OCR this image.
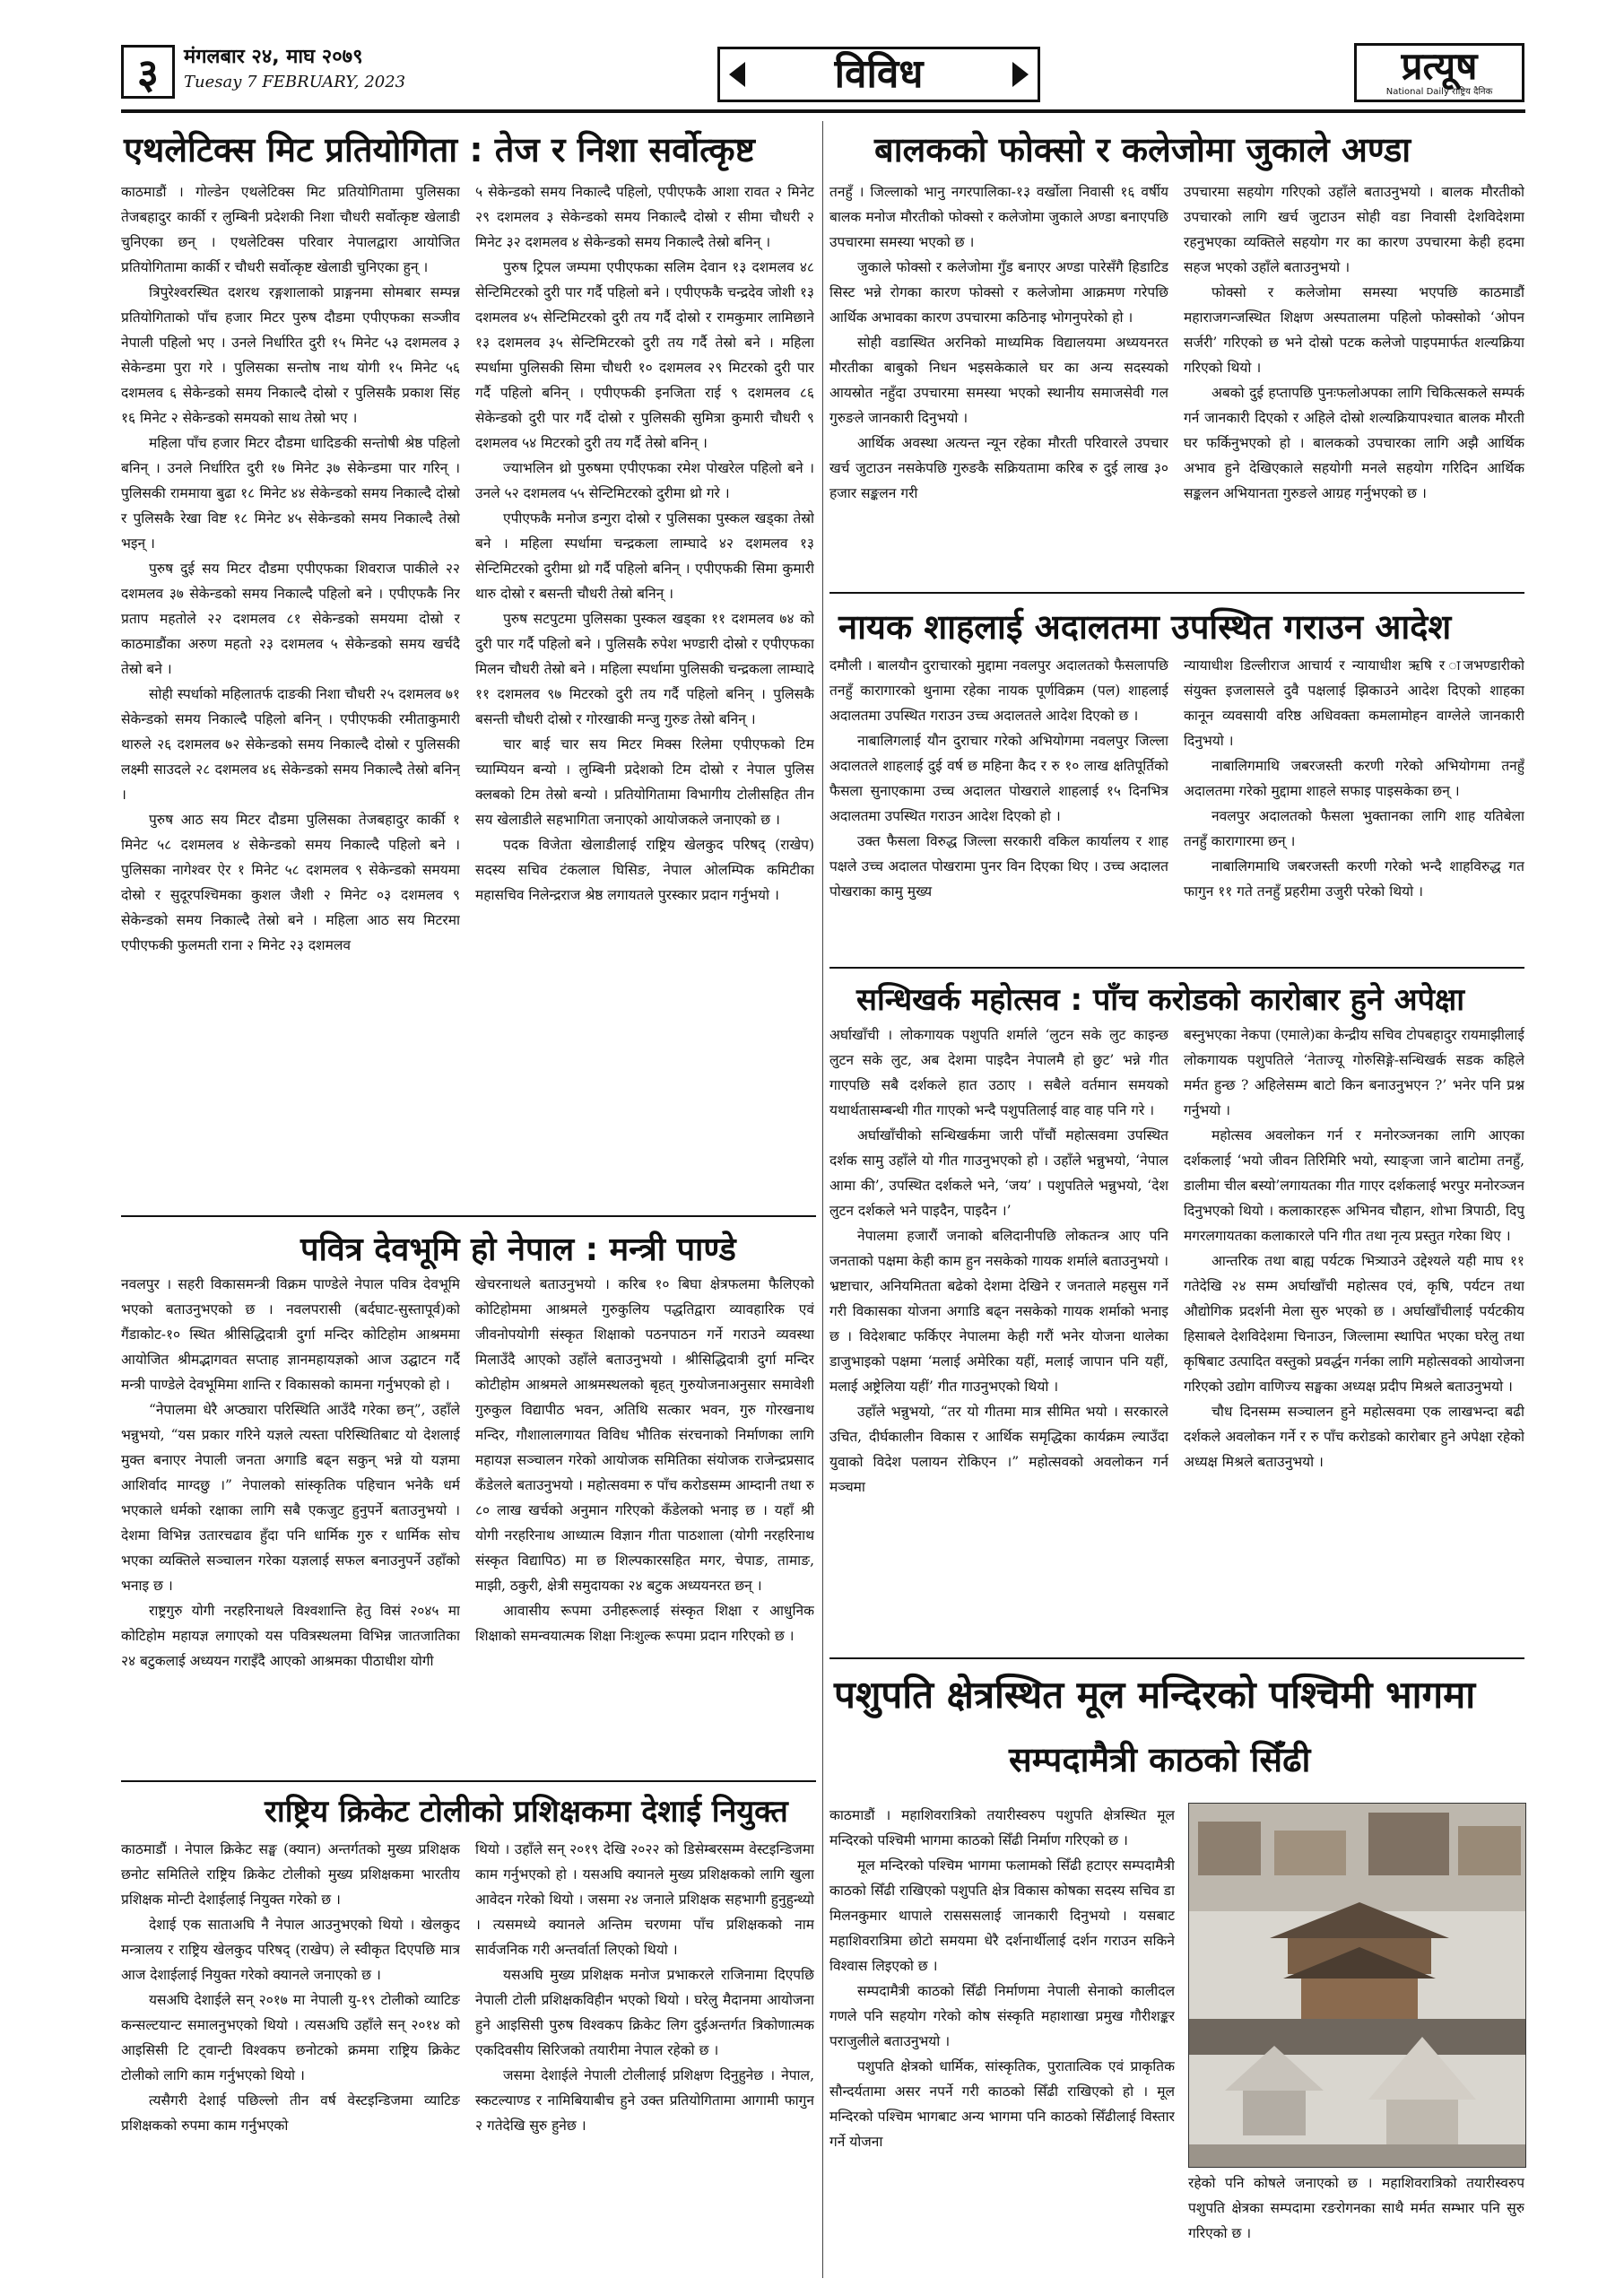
३	मंगलबार २४, माघ २०७९
Tuesay 7 FEBRUARY, 2023	विविध	प्रत्यूष
National Daily राष्ट्रिय दैनिक
एथलेटिक्स मिट प्रतियोगिता : तेज र निशा सर्वोत्कृष्ट	बालकको फोक्सो र कलेजोमा जुकाले अण्डा
नायक शाहलाई अदालतमा उपस्थित गराउन आदेश
सन्धिखर्क महोत्सव : पाँच करोडको कारोबार हुने अपेक्षा
पवित्र देवभूमि हो नेपाल : मन्त्री पाण्डे
राष्ट्रिय क्रिकेट टोलीको प्रशिक्षकमा देशाई नियुक्त
पशुपति क्षेत्रस्थित मूल मन्दिरको पश्चिमी भागमा
सम्पदामैत्री काठको सिँढी

काठमाडौं । गोल्डेन एथलेटिक्स मिट प्रतियोगितामा पुलिसका तेजबहादुर कार्की र लुम्बिनी प्रदेशकी निशा चौधरी सर्वोत्कृष्ट खेलाडी चुनिएका छन् । एथलेटिक्स परिवार नेपालद्वारा आयोजित प्रतियोगितामा कार्की र चौधरी सर्वोत्कृष्ट खेलाडी चुनिएका हुन् ।

त्रिपुरेश्वरस्थित दशरथ रङ्गशालाको प्राङ्गनमा सोमबार सम्पन्न प्रतियोगिताको पाँच हजार मिटर पुरुष दौडमा एपीएफका सञ्जीव नेपाली पहिलो भए । उनले निर्धारित दुरी १५ मिनेट ५३ दशमलव ३ सेकेन्डमा पुरा गरे । पुलिसका सन्तोष नाथ योगी १५ मिनेट ५६ दशमलव ६ सेकेन्डको समय निकाल्दै दोस्रो र पुलिसकै प्रकाश सिंह १६ मिनेट २ सेकेन्डको समयको साथ तेस्रो भए ।

महिला पाँच हजार मिटर दौडमा धादिङकी सन्तोषी श्रेष्ठ पहिलो बनिन् । उनले निर्धारित दुरी १७ मिनेट ३७ सेकेन्डमा पार गरिन् । पुलिसकी राममाया बुढा १८ मिनेट ४४ सेकेन्डको समय निकाल्दै दोस्रो र पुलिसकै रेखा विष्ट १८ मिनेट ४५ सेकेन्डको समय निकाल्दै तेस्रो भइन् ।

पुरुष दुई सय मिटर दौडमा एपीएफका शिवराज पाकीले २२ दशमलव ३७ सेकेन्डको समय निकाल्दै पहिलो बने । एपीएफकै निर प्रताप महतोले २२ दशमलव ८१ सेकेन्डको समयमा दोस्रो र काठमाडौंका अरुण महतो २३ दशमलव ५ सेकेन्डको समय खर्चदै तेस्रो बने ।

सोही स्पर्धाको महिलातर्फ दाङकी निशा चौधरी २५ दशमलव ७१ सेकेन्डको समय निकाल्दै पहिलो बनिन् । एपीएफकी रमीताकुमारी थारुले २६ दशमलव ७२ सेकेन्डको समय निकाल्दै दोस्रो र पुलिसकी लक्ष्मी साउदले २८ दशमलव ४६ सेकेन्डको समय निकाल्दै तेस्रो बनिन् ।

पुरुष आठ सय मिटर दौडमा पुलिसका तेजबहादुर कार्की १ मिनेट ५८ दशमलव ४ सेकेन्डको समय निकाल्दै पहिलो बने । पुलिसका नागेश्वर ऐर १ मिनेट ५८ दशमलव ९ सेकेन्डको समयमा दोस्रो र सुदूरपश्चिमका कुशल जैशी २ मिनेट ०३ दशमलव ९ सेकेन्डको समय निकाल्दै तेस्रो बने । महिला आठ सय मिटरमा एपीएफकी फुलमती राना २ मिनेट २३ दशमलव

५ सेकेन्डको समय निकाल्दै पहिलो, एपीएफकै आशा रावत २ मिनेट २९ दशमलव ३ सेकेन्डको समय निकाल्दै दोस्रो र सीमा चौधरी २ मिनेट ३२ दशमलव ४ सेकेन्डको समय निकाल्दै तेस्रो बनिन् ।

पुरुष ट्रिपल जम्पमा एपीएफका सलिम देवान १३ दशमलव ४८ सेन्टिमिटरको दुरी पार गर्दै पहिलो बने । एपीएफकै चन्द्रदेव जोशी १३ दशमलव ४५ सेन्टिमिटरको दुरी तय गर्दै दोस्रो र रामकुमार लामिछाने १३ दशमलव ३५ सेन्टिमिटरको दुरी तय गर्दै तेस्रो बने । महिला स्पर्धामा पुलिसकी सिमा चौधरी १० दशमलव २९ मिटरको दुरी पार गर्दै पहिलो बनिन् । एपीएफकी इनजिता राई ९ दशमलव ८६ सेकेन्डको दुरी पार गर्दै दोस्रो र पुलिसकी सुमित्रा कुमारी चौधरी ९ दशमलव ५४ मिटरको दुरी तय गर्दै तेस्रो बनिन् ।

ज्याभलिन थ्रो पुरुषमा एपीएफका रमेश पोखरेल पहिलो बने । उनले ५२ दशमलव ५५ सेन्टिमिटरको दुरीमा थ्रो गरे ।

एपीएफकै मनोज डन्गुरा दोस्रो र पुलिसका पुस्कल खड्का तेस्रो बने । महिला स्पर्धामा चन्द्रकला लाम्घादे ४२ दशमलव १३ सेन्टिमिटरको दुरीमा थ्रो गर्दै पहिलो बनिन् । एपीएफकी सिमा कुमारी थारु दोस्रो र बसन्ती चौधरी तेस्रो बनिन् ।

पुरुष सटपुटमा पुलिसका पुस्कल खड्का ११ दशमलव ७४ को दुरी पार गर्दै पहिलो बने । पुलिसकै रुपेश भण्डारी दोस्रो र एपीएफका मिलन चौधरी तेस्रो बने । महिला स्पर्धामा पुलिसकी चन्द्रकला लाम्घादे ११ दशमलव ९७ मिटरको दुरी तय गर्दै पहिलो बनिन् । पुलिसकै बसन्ती चौधरी दोस्रो र गोरखाकी मन्जु गुरुङ तेस्रो बनिन् ।

चार बाई चार सय मिटर मिक्स रिलेमा एपीएफको टिम च्याम्पियन बन्यो । लुम्बिनी प्रदेशको टिम दोस्रो र नेपाल पुलिस क्लबको टिम तेस्रो बन्यो । प्रतियोगितामा विभागीय टोलीसहित तीन सय खेलाडीले सहभागिता जनाएको आयोजकले जनाएको छ ।

पदक विजेता खेलाडीलाई राष्ट्रिय खेलकुद परिषद् (राखेप) सदस्य सचिव टंकलाल घिसिङ, नेपाल ओलम्पिक कमिटीका महासचिव निलेन्द्रराज श्रेष्ठ लगायतले पुरस्कार प्रदान गर्नुभयो ।

तनहुँ । जिल्लाको भानु नगरपालिका-१३ वर्खोला निवासी १६ वर्षीय बालक मनोज मौरतीको फोक्सो र कलेजोमा जुकाले अण्डा बनाएपछि उपचारमा समस्या भएको छ ।

जुकाले फोक्सो र कलेजोमा गुँड बनाएर अण्डा पारेसँगै हिडाटिड सिस्ट भन्ने रोगका कारण फोक्सो र कलेजोमा आक्रमण गरेपछि आर्थिक अभावका कारण उपचारमा कठिनाइ भोगनुपरेको हो ।

सोही वडास्थित अरनिको माध्यमिक विद्यालयमा अध्ययनरत मौरतीका बाबुको निधन भइसकेकाले घर का अन्य सदस्यको आयस्रोत नहुँदा उपचारमा समस्या भएको स्थानीय समाजसेवी गल गुरुङले जानकारी दिनुभयो ।

आर्थिक अवस्था अत्यन्त न्यून रहेका मौरती परिवारले उपचार खर्च जुटाउन नसकेपछि गुरुङकै सक्रियतामा करिब रु दुई लाख ३० हजार सङ्कलन गरी

उपचारमा सहयोग गरिएको उहाँले बताउनुभयो । बालक मौरतीको उपचारको लागि खर्च जुटाउन सोही वडा निवासी देशविदेशमा रहनुभएका व्यक्तिले सहयोग गर का कारण उपचारमा केही हदमा सहज भएको उहाँले बताउनुभयो ।

फोक्सो र कलेजोमा समस्या भएपछि काठमाडौं महाराजगन्जस्थित शिक्षण अस्पतालमा पहिलो फोक्सोको ‘ओपन सर्जरी’ गरिएको छ भने दोस्रो पटक कलेजो पाइपमार्फत शल्यक्रिया गरिएको थियो ।

अबको दुई हप्तापछि पुनःफलोअपका लागि चिकित्सकले सम्पर्क गर्न जानकारी दिएको र अहिले दोस्रो शल्यक्रियापश्चात बालक मौरती घर फर्किनुभएको हो । बालकको उपचारका लागि अझै आर्थिक अभाव हुने देखिएकाले सहयोगी मनले सहयोग गरिदिन आर्थिक सङ्कलन अभियानता गुरुङले आग्रह गर्नुभएको छ ।

दमौली । बालयौन दुराचारको मुद्दामा नवलपुर अदालतको फैसलापछि तनहुँ कारागारको थुनामा रहेका नायक पूर्णविक्रम (पल) शाहलाई अदालतमा उपस्थित गराउन उच्च अदालतले आदेश दिएको छ ।

नाबालिगलाई यौन दुराचार गरेको अभियोगमा नवलपुर जिल्ला अदालतले शाहलाई दुई वर्ष छ महिना कैद र रु १० लाख क्षतिपूर्तिको फैसला सुनाएकामा उच्च अदालत पोखराले शाहलाई १५ दिनभित्र अदालतमा उपस्थित गराउन आदेश दिएको हो ।

उक्त फैसला विरुद्ध जिल्ला सरकारी वकिल कार्यालय र शाह पक्षले उच्च अदालत पोखरामा पुनर विन दिएका थिए । उच्च अदालत पोखराका कामु मुख्य

न्यायाधीश डिल्लीराज आचार्य र न्यायाधीश ऋषि र ाजभण्डारीको संयुक्त इजलासले दुवै पक्षलाई झिकाउने आदेश दिएको शाहका कानून व्यवसायी वरिष्ठ अधिवक्ता कमलामोहन वाग्लेले जानकारी दिनुभयो ।

नाबालिगमाथि जबरजस्ती करणी गरेको अभियोगमा तनहुँ अदालतमा गरेको मुद्दामा शाहले सफाइ पाइसकेका छन् ।

नवलपुर अदालतको फैसला भुक्तानका लागि शाह यतिबेला तनहुँ कारागारमा छन् ।

नाबालिगमाथि जबरजस्ती करणी गरेको भन्दै शाहविरुद्ध गत फागुन ११ गते तनहुँ प्रहरीमा उजुरी परेको थियो ।

अर्घाखाँची । लोकगायक पशुपति शर्माले ‘लुटन सके लुट काइन्छ लुटन सके लुट, अब देशमा पाइदैन नेपालमै हो छुट’ भन्ने गीत गाएपछि सबै दर्शकले हात उठाए । सबैले वर्तमान समयको यथार्थतासम्बन्धी गीत गाएको भन्दै पशुपतिलाई वाह वाह पनि गरे ।

अर्घाखाँचीको सन्धिखर्कमा जारी पाँचौं महोत्सवमा उपस्थित दर्शक सामु उहाँले यो गीत गाउनुभएको हो । उहाँले भन्नुभयो, ‘नेपाल आमा की’, उपस्थित दर्शकले भने, ‘जय’ । पशुपतिले भन्नुभयो, ‘देश लुटन दर्शकले भने पाइदैन, पाइदैन ।’

नेपालमा हजारौं जनाको बलिदानीपछि लोकतन्त्र आए पनि जनताको पक्षमा केही काम हुन नसकेको गायक शर्माले बताउनुभयो । भ्रष्टाचार, अनियमितता बढेको देशमा देखिने र जनताले महसुस गर्ने गरी विकासका योजना अगाडि बढ्न नसकेको गायक शर्माको भनाइ छ । विदेशबाट फर्किएर नेपालमा केही गरौं भनेर योजना थालेका डाजुभाइको पक्षमा ‘मलाई अमेरिका यहीं, मलाई जापान पनि यहीं, मलाई अष्ट्रेलिया यहीं’ गीत गाउनुभएको थियो ।

उहाँले भन्नुभयो, “तर यो गीतमा मात्र सीमित भयो । सरकारले उचित, दीर्घकालीन विकास र आर्थिक समृद्धिका कार्यक्रम ल्याउँदा युवाको विदेश पलायन रोकिएन ।” महोत्सवको अवलोकन गर्न मञ्चमा

बस्नुभएका नेकपा (एमाले)का केन्द्रीय सचिव टोपबहादुर रायमाझीलाई लोकगायक पशुपतिले ‘नेताज्यू गोरुसिङ्गे-सन्धिखर्क सडक कहिले मर्मत हुन्छ ? अहिलेसम्म बाटो किन बनाउनुभएन ?’ भनेर पनि प्रश्न गर्नुभयो ।

महोत्सव अवलोकन गर्न र मनोरञ्जनका लागि आएका दर्शकलाई ‘भयो जीवन तिरिमिरि भयो, स्याङ्जा जाने बाटोमा तनहुँ, डालीमा चील बस्यो’लगायतका गीत गाएर दर्शकलाई भरपुर मनोरञ्जन दिनुभएको थियो । कलाकारहरू अभिनव चौहान, शोभा त्रिपाठी, दिपु मगरलगायतका कलाकारले पनि गीत तथा नृत्य प्रस्तुत गरेका थिए ।

आन्तरिक तथा बाह्य पर्यटक भित्र्याउने उद्देश्यले यही माघ ११ गतेदेखि २४ सम्म अर्घाखाँची महोत्सव एवं, कृषि, पर्यटन तथा औद्योगिक प्रदर्शनी मेला सुरु भएको छ । अर्घाखाँचीलाई पर्यटकीय हिसाबले देशविदेशमा चिनाउन, जिल्लामा स्थापित भएका घरेलु तथा कृषिबाट उत्पादित वस्तुको प्रवर्द्धन गर्नका लागि महोत्सवको आयोजना गरिएको उद्योग वाणिज्य सङ्घका अध्यक्ष प्रदीप मिश्रले बताउनुभयो ।

चौध दिनसम्म सञ्चालन हुने महोत्सवमा एक लाखभन्दा बढी दर्शकले अवलोकन गर्ने र रु पाँच करोडको कारोबार हुने अपेक्षा रहेको अध्यक्ष मिश्रले बताउनुभयो ।

नवलपुर । सहरी विकासमन्त्री विक्रम पाण्डेले नेपाल पवित्र देवभूमि भएको बताउनुभएको छ । नवलपरासी (बर्दघाट-सुस्तापूर्व)को गैंडाकोट-१० स्थित श्रीसिद्धिदात्री दुर्गा मन्दिर कोटिहोम आश्रममा आयोजित श्रीमद्भागवत सप्ताह ज्ञानमहायज्ञको आज उद्घाटन गर्दै मन्त्री पाण्डेले देवभूमिमा शान्ति र विकासको कामना गर्नुभएको हो ।

“नेपालमा धेरै अप्ठ्यारा परिस्थिति आउँदै गरेका छन्”, उहाँले भन्नुभयो, “यस प्रकार गरिने यज्ञले त्यस्ता परिस्थितिबाट यो देशलाई मुक्त बनाएर नेपाली जनता अगाडि बढ्न सकुन् भन्ने यो यज्ञमा आशिर्वाद माग्दछु ।” नेपालको सांस्कृतिक पहिचान भनेकै धर्म भएकाले धर्मको रक्षाका लागि सबै एकजुट हुनुपर्ने बताउनुभयो । देशमा विभिन्न उतारचढाव हुँदा पनि धार्मिक गुरु र धार्मिक सोच भएका व्यक्तिले सञ्चालन गरेका यज्ञलाई सफल बनाउनुपर्ने उहाँको भनाइ छ ।

राष्ट्रगुरु योगी नरहरिनाथले विश्वशान्ति हेतु विसं २०४५ मा कोटिहोम महायज्ञ लगाएको यस पवित्रस्थलमा विभिन्न जातजातिका २४ बटुकलाई अध्ययन गराइँदै आएको आश्रमका पीठाधीश योगी

खेचरनाथले बताउनुभयो । करिब १० बिघा क्षेत्रफलमा फैलिएको कोटिहोममा आश्रमले गुरुकुलिय पद्धतिद्वारा व्यावहारिक एवं जीवनोपयोगी संस्कृत शिक्षाको पठनपाठन गर्ने गराउने व्यवस्था मिलाउँदै आएको उहाँले बताउनुभयो । श्रीसिद्धिदात्री दुर्गा मन्दिर कोटीहोम आश्रमले आश्रमस्थलको बृहत् गुरुयोजनाअनुसार समावेशी गुरुकुल विद्यापीठ भवन, अतिथि सत्कार भवन, गुरु गोरखनाथ मन्दिर, गौशालालगायत विविध भौतिक संरचनाको निर्माणका लागि महायज्ञ सञ्चालन गरेको आयोजक समितिका संयोजक राजेन्द्रप्रसाद कँडेलले बताउनुभयो । महोत्सवमा रु पाँच करोडसम्म आम्दानी तथा रु ८० लाख खर्चको अनुमान गरिएको कँडेलको भनाइ छ । यहाँ श्री योगी नरहरिनाथ आध्यात्म विज्ञान गीता पाठशाला (योगी नरहरिनाथ संस्कृत विद्यापिठ) मा छ शिल्पकारसहित मगर, चेपाङ, तामाङ, माझी, ठकुरी, क्षेत्री समुदायका २४ बटुक अध्ययनरत छन् ।

आवासीय रूपमा उनीहरूलाई संस्कृत शिक्षा र आधुनिक शिक्षाको समन्वयात्मक शिक्षा निःशुल्क रूपमा प्रदान गरिएको छ ।

काठमाडौं । नेपाल क्रिकेट सङ्घ (क्यान) अन्तर्गतको मुख्य प्रशिक्षक छनोट समितिले राष्ट्रिय क्रिकेट टोलीको मुख्य प्रशिक्षकमा भारतीय प्रशिक्षक मोन्टी देशाईलाई नियुक्त गरेको छ ।

देशाई एक साताअघि नै नेपाल आउनुभएको थियो । खेलकुद मन्त्रालय र राष्ट्रिय खेलकुद परिषद् (राखेप) ले स्वीकृत दिएपछि मात्र आज देशाईलाई नियुक्त गरेको क्यानले जनाएको छ ।

यसअघि देशाईले सन् २०१७ मा नेपाली यु-१९ टोलीको व्याटिङ कन्सल्टयान्ट समालनुभएको थियो । त्यसअघि उहाँले सन् २०१४ को आइसिसी टि ट्वान्टी विश्वकप छनोटको क्रममा राष्ट्रिय क्रिकेट टोलीको लागि काम गर्नुभएको थियो ।

त्यसैगरी देशाई पछिल्लो तीन वर्ष वेस्टइन्डिजमा व्याटिङ प्रशिक्षकको रुपमा काम गर्नुभएको

थियो । उहाँले सन् २०१९ देखि २०२२ को डिसेम्बरसम्म वेस्टइन्डिजमा काम गर्नुभएको हो । यसअघि क्यानले मुख्य प्रशिक्षकको लागि खुला आवेदन गरेको थियो । जसमा २४ जनाले प्रशिक्षक सहभागी हुनुहुन्थ्यो । त्यसमध्ये क्यानले अन्तिम चरणमा पाँच प्रशिक्षकको नाम सार्वजनिक गरी अन्तर्वार्ता लिएको थियो ।

यसअघि मुख्य प्रशिक्षक मनोज प्रभाकरले राजिनामा दिएपछि नेपाली टोली प्रशिक्षकविहीन भएको थियो । घरेलु मैदानमा आयोजना हुने आइसिसी पुरुष विश्वकप क्रिकेट लिग दुईअन्तर्गत त्रिकोणात्मक एकदिवसीय सिरिजको तयारीमा नेपाल रहेको छ ।

जसमा देशाईले नेपाली टोलीलाई प्रशिक्षण दिनुहुनेछ । नेपाल, स्कटल्याण्ड र नामिबियाबीच हुने उक्त प्रतियोगितामा आगामी फागुन २ गतेदेखि सुरु हुनेछ ।

काठमाडौं । महाशिवरात्रिको तयारीस्वरुप पशुपति क्षेत्रस्थित मूल मन्दिरको पश्चिमी भागमा काठको सिँढी निर्माण गरिएको छ ।

मूल मन्दिरको पश्चिम भागमा फलामको सिँढी हटाएर सम्पदामैत्री काठको सिँढी राखिएको पशुपति क्षेत्र विकास कोषका सदस्य सचिव डा मिलनकुमार थापाले रासससलाई जानकारी दिनुभयो । यसबाट महाशिवरात्रिमा छोटो समयमा धेरै दर्शनार्थीलाई दर्शन गराउन सकिने विश्वास लिइएको छ ।

सम्पदामैत्री काठको सिँढी निर्माणमा नेपाली सेनाको कालीदल गणले पनि सहयोग गरेको कोष संस्कृति महाशाखा प्रमुख गौरीशङ्कर पराजुलीले बताउनुभयो ।

पशुपति क्षेत्रको धार्मिक, सांस्कृतिक, पुरातात्विक एवं प्राकृतिक सौन्दर्यतामा असर नपर्ने गरी काठको सिँढी राखिएको हो । मूल मन्दिरको पश्चिम भागबाट अन्य भागमा पनि काठको सिँढीलाई विस्तार गर्ने योजना

रहेको पनि कोषले जनाएको छ । महाशिवरात्रिको तयारीस्वरुप पशुपति क्षेत्रका सम्पदामा रङरोगनका साथै मर्मत सम्भार पनि सुरु गरिएको छ ।
